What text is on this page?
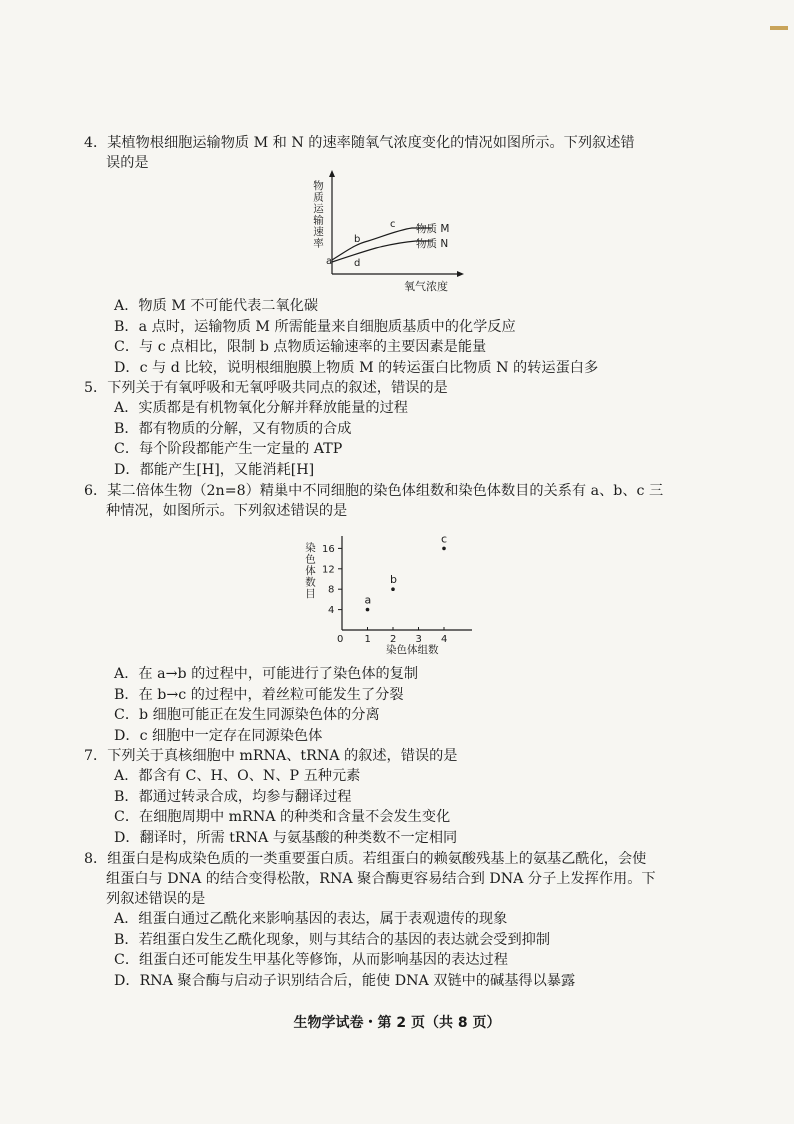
4．某植物根细胞运输物质 M 和 N 的速率随氧气浓度变化的情况如图所示。下列叙述错
误的是
物质运输速率
a
b
c
d
物质 M
物质 N
氧气浓度
A．物质 M 不可能代表二氧化碳
B．a 点时，运输物质 M 所需能量来自细胞质基质中的化学反应
C．与 c 点相比，限制 b 点物质运输速率的主要因素是能量
D．c 与 d 比较，说明根细胞膜上物质 M 的转运蛋白比物质 N 的转运蛋白多
5．下列关于有氧呼吸和无氧呼吸共同点的叙述，错误的是
A．实质都是有机物氧化分解并释放能量的过程
B．都有物质的分解，又有物质的合成
C．每个阶段都能产生一定量的 ATP
D．都能产生[H]，又能消耗[H]
6．某二倍体生物（2n=8）精巢中不同细胞的染色体组数和染色体数目的关系有 a、b、c 三
种情况，如图所示。下列叙述错误的是
染色体数目
染色体组数
0 1 2 3 4
4
8
12
16
a
b
c
A．在 a→b 的过程中，可能进行了染色体的复制
B．在 b→c 的过程中，着丝粒可能发生了分裂
C．b 细胞可能正在发生同源染色体的分离
D．c 细胞中一定存在同源染色体
7．下列关于真核细胞中 mRNA、tRNA 的叙述，错误的是
A．都含有 C、H、O、N、P 五种元素
B．都通过转录合成，均参与翻译过程
C．在细胞周期中 mRNA 的种类和含量不会发生变化
D．翻译时，所需 tRNA 与氨基酸的种类数不一定相同
8．组蛋白是构成染色质的一类重要蛋白质。若组蛋白的赖氨酸残基上的氨基乙酰化，会使
组蛋白与 DNA 的结合变得松散，RNA 聚合酶更容易结合到 DNA 分子上发挥作用。下
列叙述错误的是
A．组蛋白通过乙酰化来影响基因的表达，属于表观遗传的现象
B．若组蛋白发生乙酰化现象，则与其结合的基因的表达就会受到抑制
C．组蛋白还可能发生甲基化等修饰，从而影响基因的表达过程
D．RNA 聚合酶与启动子识别结合后，能使 DNA 双链中的碱基得以暴露
生物学试卷・第 2 页（共 8 页）
